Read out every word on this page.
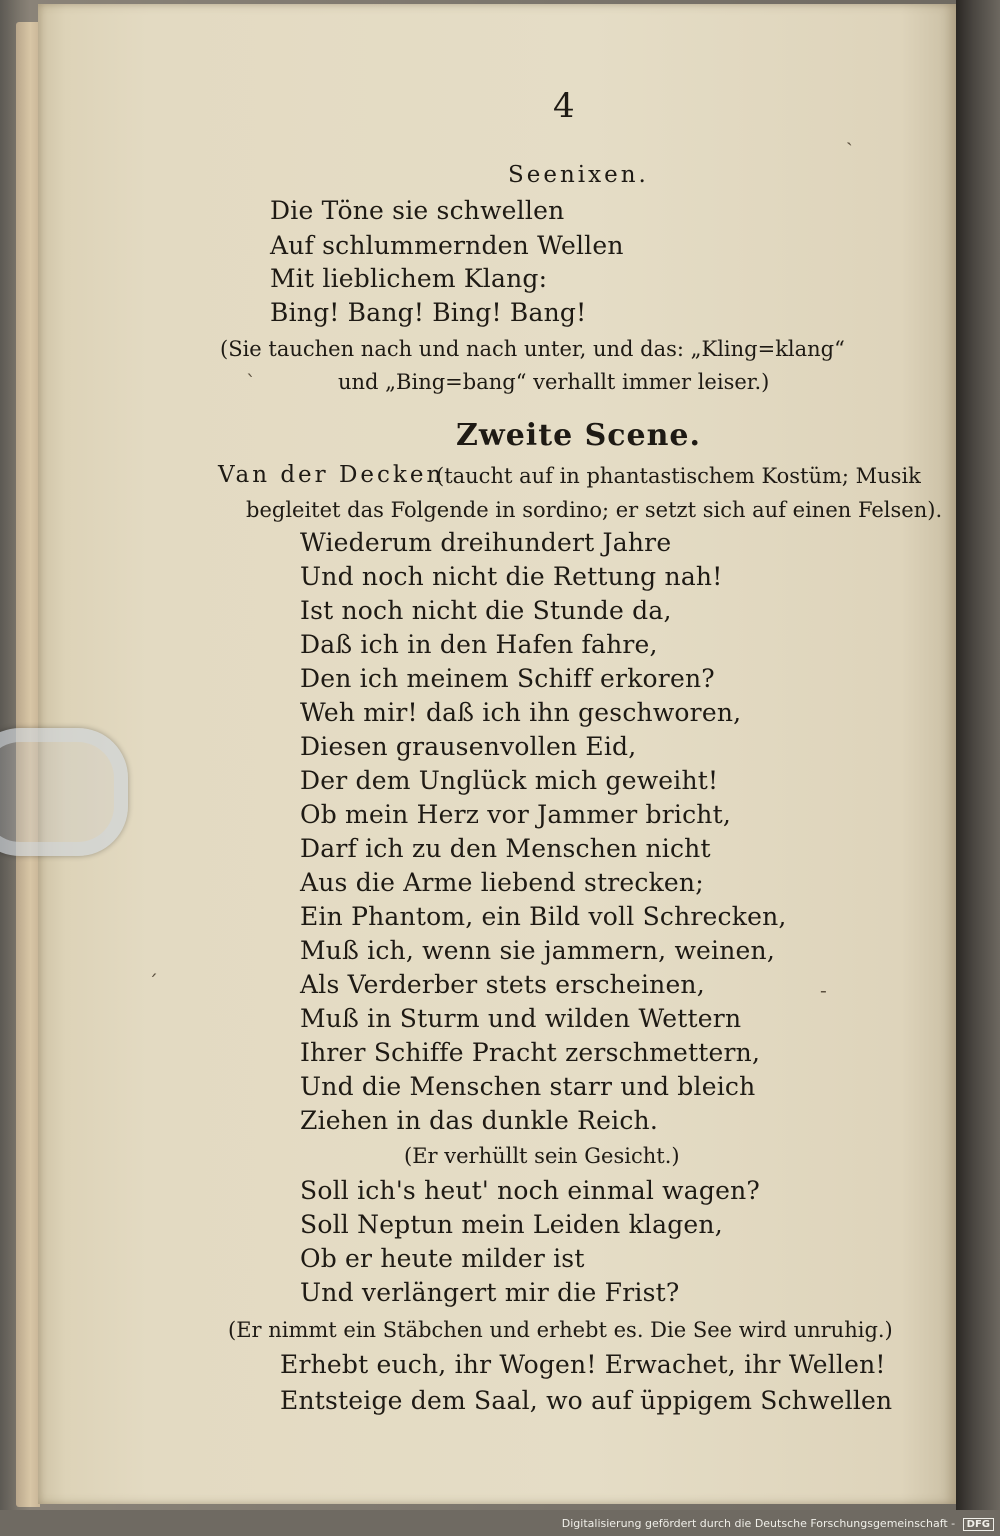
4
Seenixen.
Die Töne sie schwellen
Auf schlummernden Wellen
Mit lieblichem Klang:
Bing! Bang! Bing! Bang!
(Sie tauchen nach und nach unter, und das: „Kling=klang“
und „Bing=bang“ verhallt immer leiser.)
Zweite Scene.
Van der Decken
(taucht auf in phantastischem Kostüm; Musik
begleitet das Folgende in sordino; er setzt sich auf einen Felsen).
Wiederum dreihundert Jahre
Und noch nicht die Rettung nah!
Ist noch nicht die Stunde da,
Daß ich in den Hafen fahre,
Den ich meinem Schiff erkoren?
Weh mir! daß ich ihn geschworen,
Diesen grausenvollen Eid,
Der dem Unglück mich geweiht!
Ob mein Herz vor Jammer bricht,
Darf ich zu den Menschen nicht
Aus die Arme liebend strecken;
Ein Phantom, ein Bild voll Schrecken,
Muß ich, wenn sie jammern, weinen,
Als Verderber stets erscheinen,
Muß in Sturm und wilden Wettern
Ihrer Schiffe Pracht zerschmettern,
Und die Menschen starr und bleich
Ziehen in das dunkle Reich.
(Er verhüllt sein Gesicht.)
Soll ich's heut' noch einmal wagen?
Soll Neptun mein Leiden klagen,
Ob er heute milder ist
Und verlängert mir die Frist?
(Er nimmt ein Stäbchen und erhebt es. Die See wird unruhig.)
Erhebt euch, ihr Wogen! Erwachet, ihr Wellen!
Entsteige dem Saal, wo auf üppigem Schwellen
ˏ
ˋ
ˊ	-
Digitalisierung gefördert durch die Deutsche Forschungsgemeinschaft - DFG
